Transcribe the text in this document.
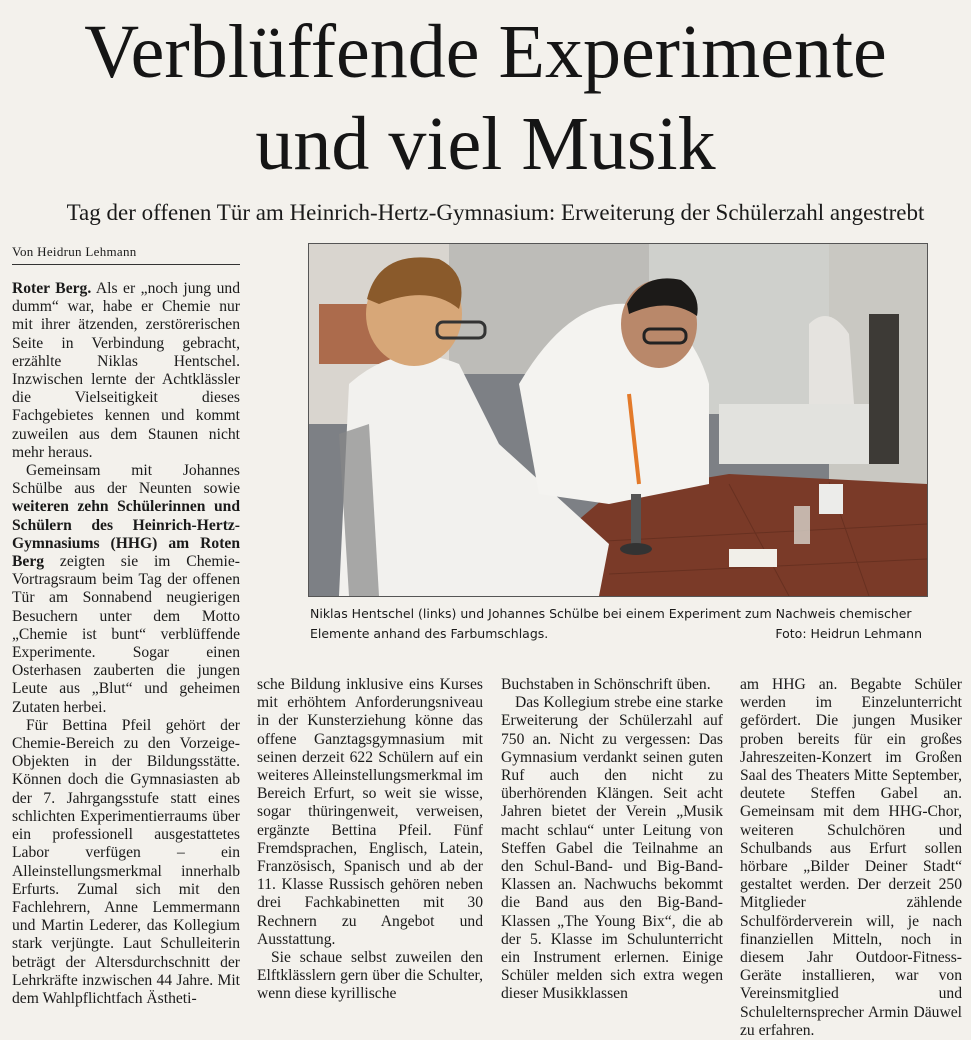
Verblüffende Experimente
und viel Musik
Tag der offenen Tür am Heinrich-Hertz-Gymnasium: Erweiterung der Schülerzahl angestrebt
Von Heidrun Lehmann
Niklas Hentschel (links) und Johannes Schülbe bei einem Experiment zum Nachweis chemischer Elemente anhand des Farbumschlags.	Foto: Heidrun Lehmann

Roter Berg. Als er „noch jung und dumm“ war, habe er Chemie nur mit ihrer ätzenden, zerstörerischen Seite in Verbindung gebracht, erzählte Niklas Hentschel. Inzwischen lernte der Achtklässler die Vielseitigkeit dieses Fachgebietes kennen und kommt zuweilen aus dem Staunen nicht mehr heraus.

Gemeinsam mit Johannes Schülbe aus der Neunten sowie weiteren zehn Schülerinnen und Schülern des Heinrich-Hertz-Gymnasiums (HHG) am Roten Berg zeigten sie im Chemie-Vortragsraum beim Tag der offenen Tür am Sonnabend neugierigen Besuchern unter dem Motto „Chemie ist bunt“ verblüffende Experimente. Sogar einen Osterhasen zauberten die jungen Leute aus „Blut“ und geheimen Zutaten herbei.

Für Bettina Pfeil gehört der Chemie-Bereich zu den Vorzeige-Objekten in der Bildungsstätte. Können doch die Gymnasiasten ab der 7. Jahrgangsstufe statt eines schlichten Experimentierraums über ein professionell ausgestattetes Labor verfügen – ein Alleinstellungsmerkmal innerhalb Erfurts. Zumal sich mit den Fachlehrern, Anne Lemmermann und Martin Lederer, das Kollegium stark verjüngte. Laut Schulleiterin beträgt der Altersdurchschnitt der Lehrkräfte inzwischen 44 Jahre. Mit dem Wahlpflichtfach Ästheti-

sche Bildung inklusive eins Kurses mit erhöhtem Anforderungsniveau in der Kunsterziehung könne das offene Ganztagsgymnasium mit seinen derzeit 622 Schülern auf ein weiteres Alleinstellungsmerkmal im Bereich Erfurt, so weit sie wisse, sogar thüringenweit, verweisen, ergänzte Bettina Pfeil. Fünf Fremdsprachen, Englisch, Latein, Französisch, Spanisch und ab der 11. Klasse Russisch gehören neben drei Fachkabinetten mit 30 Rechnern zu Angebot und Ausstattung.

Sie schaue selbst zuweilen den Elftklässlern gern über die Schulter, wenn diese kyrillische

Buchstaben in Schönschrift üben.

Das Kollegium strebe eine starke Erweiterung der Schülerzahl auf 750 an. Nicht zu vergessen: Das Gymnasium verdankt seinen guten Ruf auch den nicht zu überhörenden Klängen. Seit acht Jahren bietet der Verein „Musik macht schlau“ unter Leitung von Steffen Gabel die Teilnahme an den Schul-Band- und Big-Band-Klassen an. Nachwuchs bekommt die Band aus den Big-Band-Klassen „The Young Bix“, die ab der 5. Klasse im Schulunterricht ein Instrument erlernen. Einige Schüler melden sich extra wegen dieser Musikklassen

am HHG an. Begabte Schüler werden im Einzelunterricht gefördert. Die jungen Musiker proben bereits für ein großes Jahreszeiten-Konzert im Großen Saal des Theaters Mitte September, deutete Steffen Gabel an. Gemeinsam mit dem HHG-Chor, weiteren Schulchören und Schulbands aus Erfurt sollen hörbare „Bilder Deiner Stadt“ gestaltet werden. Der derzeit 250 Mitglieder zählende Schulförderverein will, je nach finanziellen Mitteln, noch in diesem Jahr Outdoor-Fitness-Geräte installieren, war von Vereinsmitglied und Schulelternsprecher Armin Däuwel zu erfahren.
